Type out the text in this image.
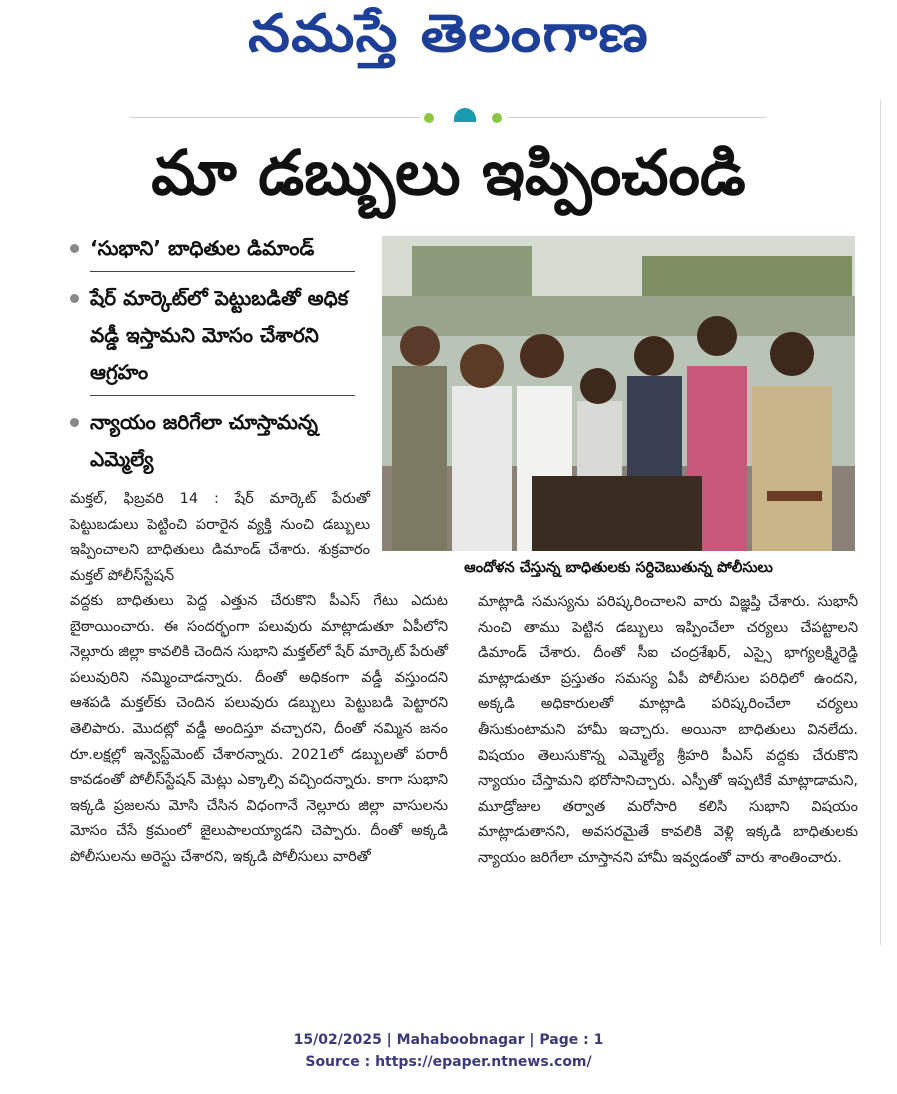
నమస్తే తెలంగాణ
మా డబ్బులు ఇప్పించండి
‘సుభాని’ బాధితుల డిమాండ్
షేర్ మార్కెట్‌లో పెట్టుబడితో అధిక వడ్డీ ఇస్తామని మోసం చేశారని ఆగ్రహం
న్యాయం జరిగేలా చూస్తామన్న ఎమ్మెల్యే
ఆందోళన చేస్తున్న బాధితులకు సర్దిచెబుతున్న పోలీసులు
మక్తల్, ఫిబ్రవరి 14 : షేర్ మార్కెట్ పేరుతో పెట్టుబడులు పెట్టించి పరారైన వ్యక్తి నుంచి డబ్బులు ఇప్పించాలని బాధితులు డిమాండ్ చేశారు. శుక్రవారం మక్తల్ పోలీస్‌స్టేషన్
వద్దకు బాధితులు పెద్ద ఎత్తున చేరుకొని పీఎస్ గేటు ఎదుట బైఠాయించారు. ఈ సందర్భంగా పలువురు మాట్లాడుతూ ఏపీలోని నెల్లూరు జిల్లా కావలికి చెందిన సుభాని మక్తల్‌లో షేర్ మార్కెట్ పేరుతో పలువురిని నమ్మించాడన్నారు. దీంతో అధికంగా వడ్డీ వస్తుందని ఆశపడి మక్తల్‌కు చెందిన పలువురు డబ్బులు పెట్టుబడి పెట్టారని తెలిపారు. మొదట్లో వడ్డీ అందిస్తూ వచ్చారని, దీంతో నమ్మిన జనం రూ.లక్షల్లో ఇన్వెస్ట్‌మెంట్ చేశారన్నారు. 2021లో డబ్బులతో పరారీ కావడంతో పోలీస్‌స్టేషన్ మెట్లు ఎక్కాల్సి వచ్చిందన్నారు. కాగా సుభాని ఇక్కడి ప్రజలను మోసి చేసిన విధంగానే నెల్లూరు జిల్లా వాసులను మోసం చేసే క్రమంలో జైలుపాలయ్యాడని చెప్పారు. దీంతో అక్కడి పోలీసులను అరెస్టు చేశారని, ఇక్కడి పోలీసులు వారితో
మాట్లాడి సమస్యను పరిష్కరించాలని వారు విజ్ఞప్తి చేశారు. సుభానీ నుంచి తాము పెట్టిన డబ్బులు ఇప్పించేలా చర్యలు చేపట్టాలని డిమాండ్ చేశారు. దీంతో సీఐ చంద్రశేఖర్, ఎస్సై భాగ్యలక్ష్మిరెడ్డి మాట్లాడుతూ ప్రస్తుతం సమస్య ఏపీ పోలీసుల పరిధిలో ఉందని, అక్కడి అధికారులతో మాట్లాడి పరిష్కరించేలా చర్యలు తీసుకుంటామని హామీ ఇచ్చారు. అయినా బాధితులు వినలేదు. విషయం తెలుసుకొన్న ఎమ్మెల్యే శ్రీహరి పీఎస్ వద్దకు చేరుకొని న్యాయం చేస్తామని భరోసానిచ్చారు. ఎస్పీతో ఇప్పటికే మాట్లాడామని, మూడ్రోజుల తర్వాత మరోసారి కలిసి సుభాని విషయం మాట్లాడుతానని, అవసరమైతే కావలికి వెళ్లి ఇక్కడి బాధితులకు న్యాయం జరిగేలా చూస్తానని హామీ ఇవ్వడంతో వారు శాంతించారు.
15/02/2025 | Mahaboobnagar | Page : 1
Source : https://epaper.ntnews.com/
